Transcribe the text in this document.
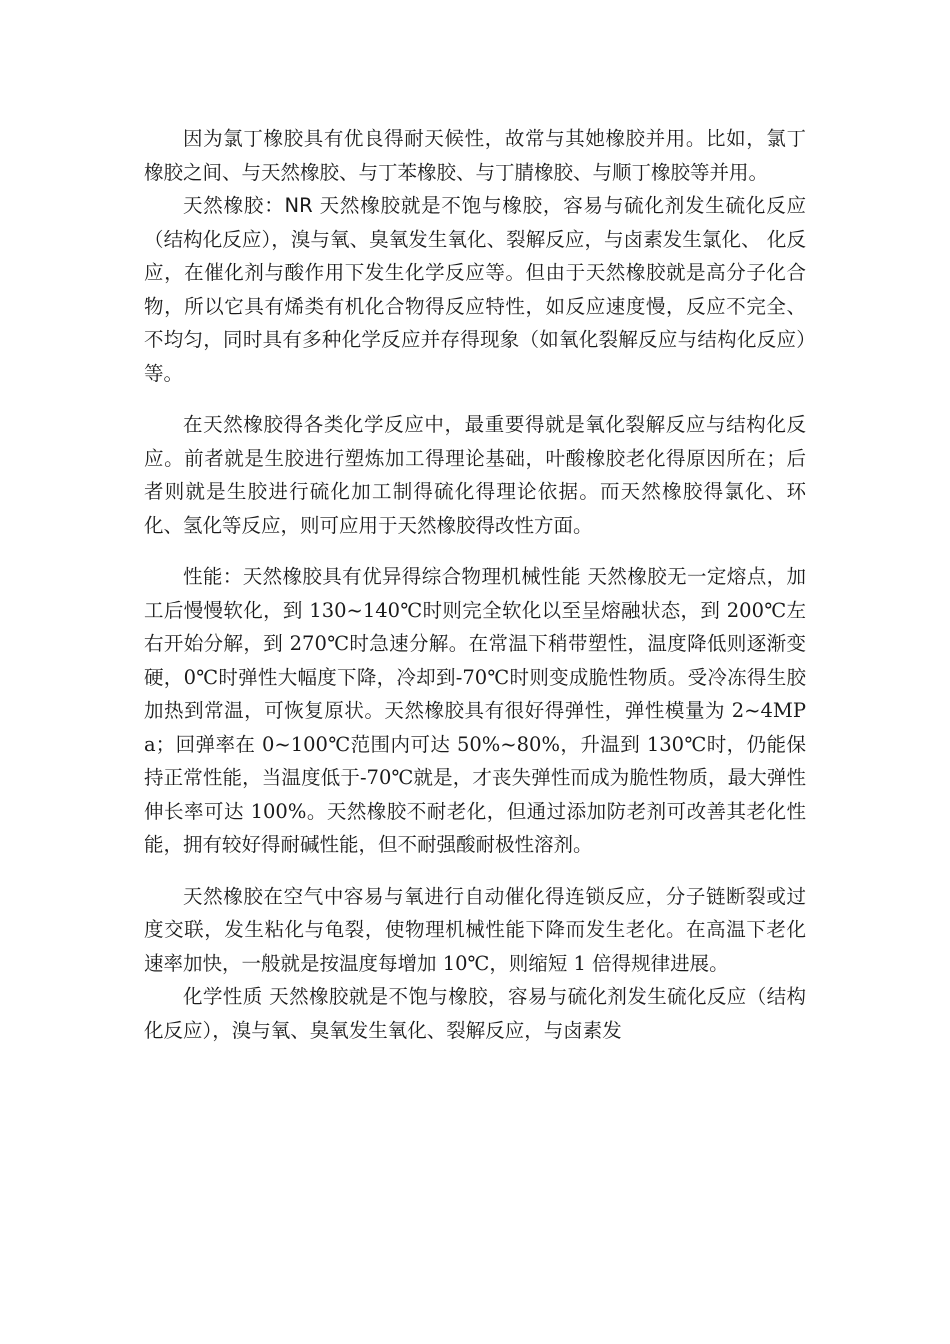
因为氯丁橡胶具有优良得耐天候性，故常与其她橡胶并用。比如，氯丁橡胶之间、与天然橡胶、与丁苯橡胶、与丁腈橡胶、与顺丁橡胶等并用。

天然橡胶：NR 天然橡胶就是不饱与橡胶，容易与硫化剂发生硫化反应（结构化反应），溴与氧、臭氧发生氧化、裂解反应，与卤素发生氯化、 化反应，在催化剂与酸作用下发生化学反应等。但由于天然橡胶就是高分子化合物，所以它具有烯类有机化合物得反应特性，如反应速度慢，反应不完全、不均匀，同时具有多种化学反应并存得现象（如氧化裂解反应与结构化反应）等。

在天然橡胶得各类化学反应中，最重要得就是氧化裂解反应与结构化反应。前者就是生胶进行塑炼加工得理论基础，叶酸橡胶老化得原因所在；后者则就是生胶进行硫化加工制得硫化得理论依据。而天然橡胶得氯化、环化、氢化等反应，则可应用于天然橡胶得改性方面。

性能：天然橡胶具有优异得综合物理机械性能 天然橡胶无一定熔点，加工后慢慢软化，到 130~140℃时则完全软化以至呈熔融状态，到 200℃左右开始分解，到 270℃时急速分解。在常温下稍带塑性，温度降低则逐渐变硬，0℃时弹性大幅度下降，冷却到-70℃时则变成脆性物质。受冷冻得生胶加热到常温，可恢复原状。天然橡胶具有很好得弹性，弹性模量为 2~4MPa；回弹率在 0~100℃范围内可达 50%~80%，升温到 130℃时，仍能保持正常性能，当温度低于-70℃就是，才丧失弹性而成为脆性物质，最大弹性伸长率可达 100%。天然橡胶不耐老化，但通过添加防老剂可改善其老化性能，拥有较好得耐碱性能，但不耐强酸耐极性溶剂。

天然橡胶在空气中容易与氧进行自动催化得连锁反应，分子链断裂或过度交联，发生粘化与龟裂，使物理机械性能下降而发生老化。在高温下老化速率加快，一般就是按温度每增加 10℃，则缩短 1 倍得规律进展。

化学性质 天然橡胶就是不饱与橡胶，容易与硫化剂发生硫化反应（结构化反应），溴与氧、臭氧发生氧化、裂解反应，与卤素发
